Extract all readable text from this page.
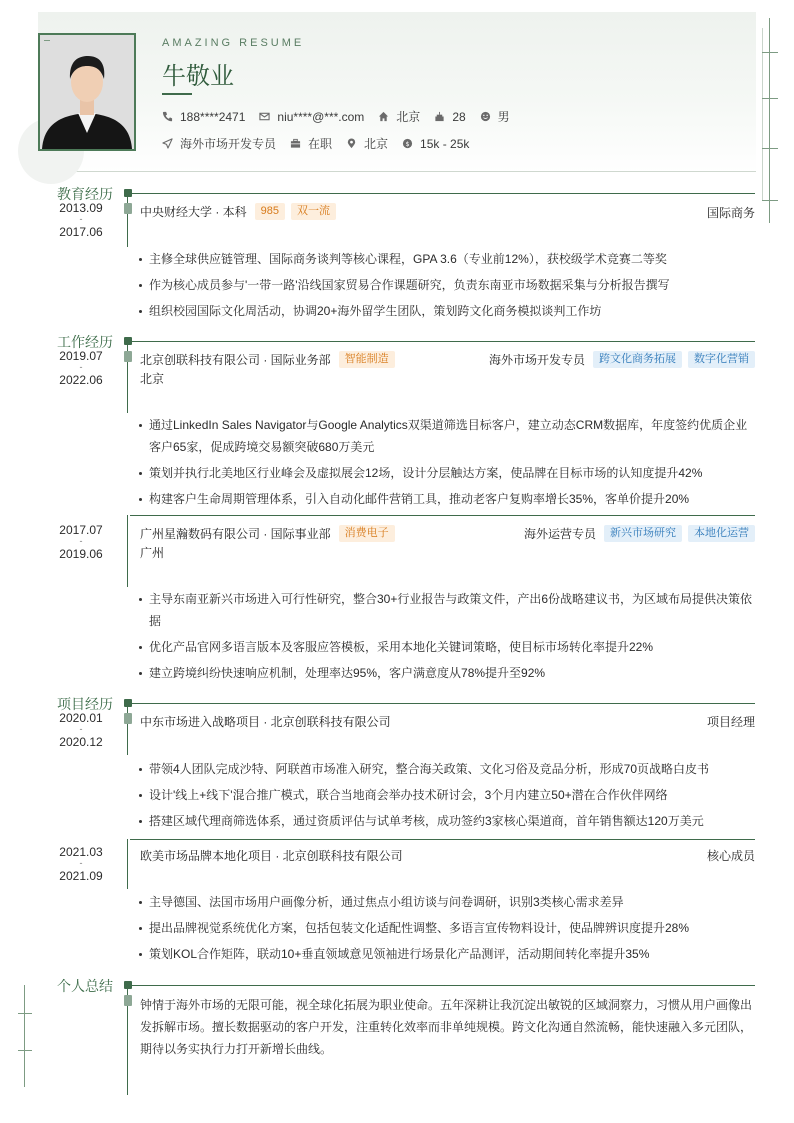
AMAZING RESUME
牛敬业
188****2471	niu****@***.com	北京	28	男
海外市场开发专员	在职	北京 $ 15k - 25k
教育经历
2013.09
-
2017.06
中央财经大学 · 本科	985	双一流	国际商务
主修全球供应链管理、国际商务谈判等核心课程，GPA 3.6（专业前12%），获校级学术竞赛二等奖
作为核心成员参与'一带一路'沿线国家贸易合作课题研究，负责东南亚市场数据采集与分析报告撰写
组织校园国际文化周活动，协调20+海外留学生团队，策划跨文化商务模拟谈判工作坊
工作经历
2019.07
-
2022.06
北京创联科技有限公司 · 国际业务部	智能制造	海外市场开发专员	跨文化商务拓展	数字化营销
北京
通过LinkedIn Sales Navigator与Google Analytics双渠道筛选目标客户，建立动态CRM数据库，年度签约优质企业客户65家，促成跨境交易额突破680万美元
策划并执行北美地区行业峰会及虚拟展会12场，设计分层触达方案，使品牌在目标市场的认知度提升42%
构建客户生命周期管理体系，引入自动化邮件营销工具，推动老客户复购率增长35%，客单价提升20%
2017.07
-
2019.06
广州星瀚数码有限公司 · 国际事业部	消费电子	海外运营专员	新兴市场研究	本地化运营
广州
主导东南亚新兴市场进入可行性研究，整合30+行业报告与政策文件，产出6份战略建议书，为区域布局提供决策依据
优化产品官网多语言版本及客服应答模板，采用本地化关键词策略，使目标市场转化率提升22%
建立跨境纠纷快速响应机制，处理率达95%，客户满意度从78%提升至92%
项目经历
2020.01
-
2020.12
中东市场进入战略项目 · 北京创联科技有限公司	项目经理
带领4人团队完成沙特、阿联酋市场准入研究，整合海关政策、文化习俗及竞品分析，形成70页战略白皮书
设计'线上+线下'混合推广模式，联合当地商会举办技术研讨会，3个月内建立50+潜在合作伙伴网络
搭建区域代理商筛选体系，通过资质评估与试单考核，成功签约3家核心渠道商，首年销售额达120万美元
2021.03
-
2021.09
欧美市场品牌本地化项目 · 北京创联科技有限公司	核心成员
主导德国、法国市场用户画像分析，通过焦点小组访谈与问卷调研，识别3类核心需求差异
提出品牌视觉系统优化方案，包括包装文化适配性调整、多语言宣传物料设计，使品牌辨识度提升28%
策划KOL合作矩阵，联动10+垂直领域意见领袖进行场景化产品测评，活动期间转化率提升35%
个人总结
钟情于海外市场的无限可能，视全球化拓展为职业使命。五年深耕让我沉淀出敏锐的区域洞察力，习惯从用户画像出发拆解市场。擅长数据驱动的客户开发，注重转化效率而非单纯规模。跨文化沟通自然流畅，能快速融入多元团队，期待以务实执行力打开新增长曲线。
